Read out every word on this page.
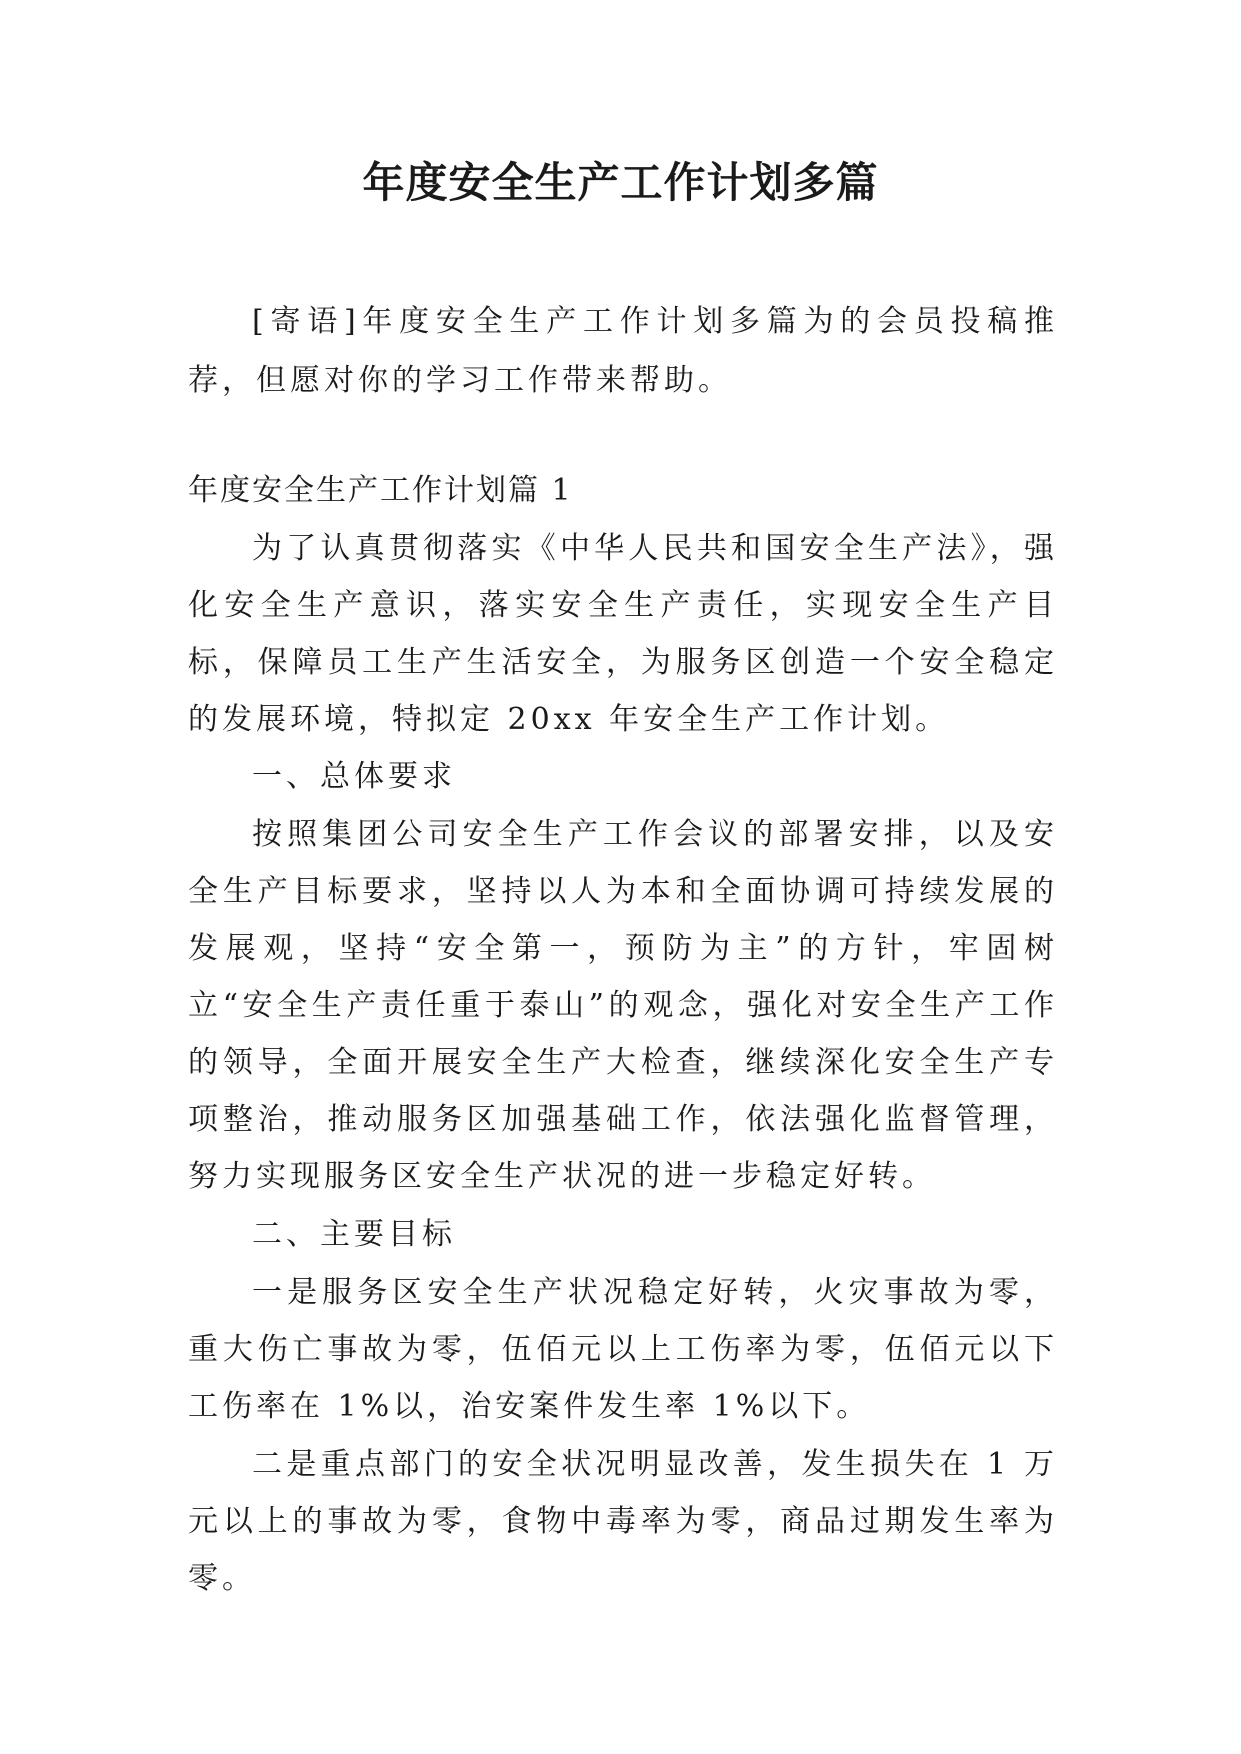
年度安全生产工作计划多篇

[寄语]年度安全生产工作计划多篇为的会员投稿推荐，但愿对你的学习工作带来帮助。

年度安全生产工作计划篇 1

为了认真贯彻落实《中华人民共和国安全生产法》，强化安全生产意识，落实安全生产责任，实现安全生产目标，保障员工生产生活安全，为服务区创造一个安全稳定的发展环境，特拟定 20xx 年安全生产工作计划。

一、总体要求

按照集团公司安全生产工作会议的部署安排，以及安全生产目标要求，坚持以人为本和全面协调可持续发展的发展观，坚持“安全第一，预防为主”的方针，牢固树立“安全生产责任重于泰山”的观念，强化对安全生产工作的领导，全面开展安全生产大检查，继续深化安全生产专项整治，推动服务区加强基础工作，依法强化监督管理，努力实现服务区安全生产状况的进一步稳定好转。

二、主要目标

一是服务区安全生产状况稳定好转，火灾事故为零，重大伤亡事故为零，伍佰元以上工伤率为零，伍佰元以下工伤率在 1%以，治安案件发生率 1%以下。

二是重点部门的安全状况明显改善，发生损失在 1 万元以上的事故为零，食物中毒率为零，商品过期发生率为零。
